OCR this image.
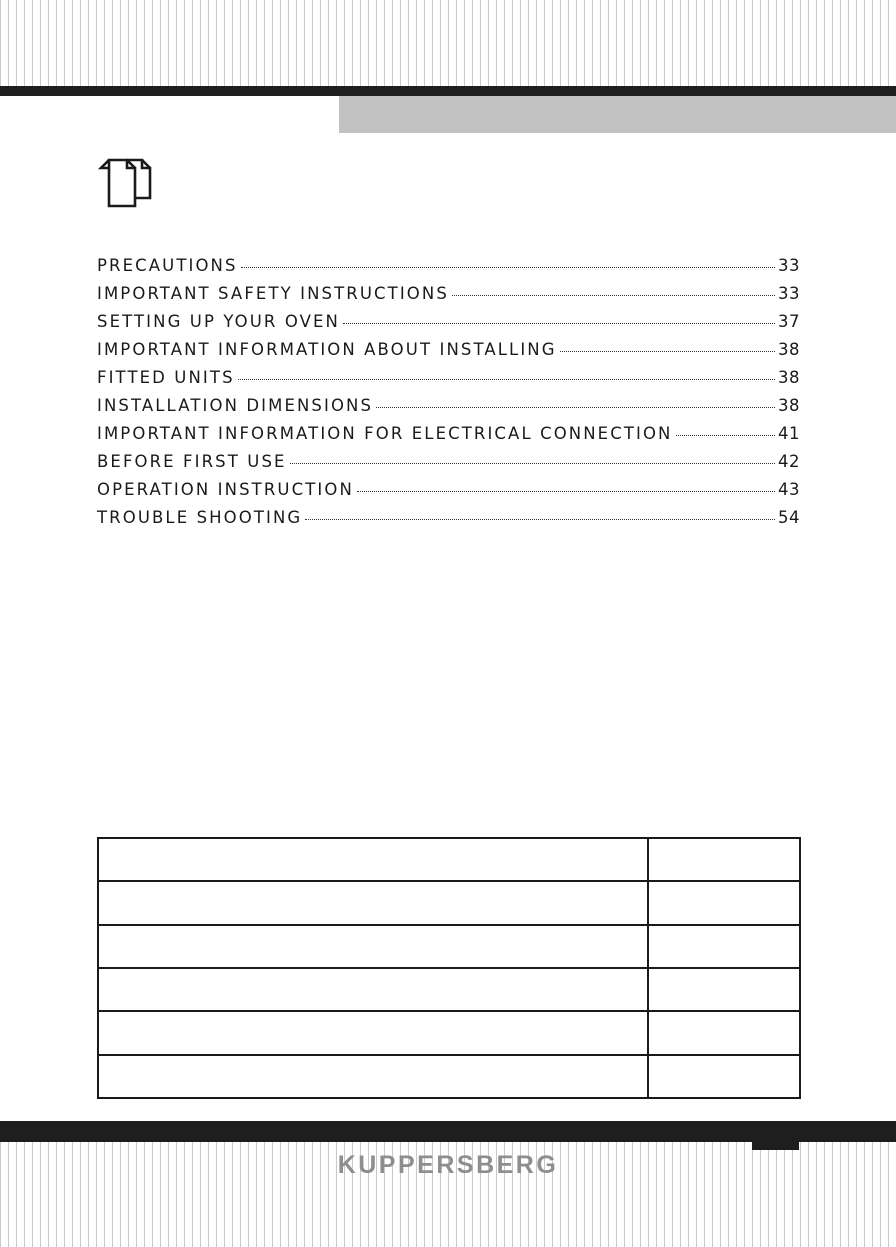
PRECAUTIONS	33
IMPORTANT SAFETY INSTRUCTIONS	33
SETTING UP YOUR OVEN	37
IMPORTANT INFORMATION ABOUT INSTALLING	38
FITTED UNITS	38
INSTALLATION DIMENSIONS	38
IMPORTANT INFORMATION FOR ELECTRICAL CONNECTION	41
BEFORE FIRST USE	42
OPERATION INSTRUCTION	43
TROUBLE SHOOTING	54

KUPPERSBERG
